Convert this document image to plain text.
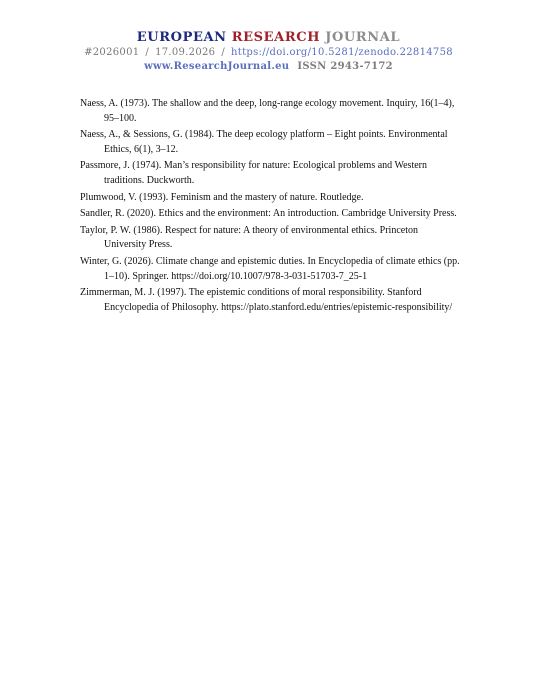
EUROPEAN RESEARCH JOURNAL
#2026001 / 17.09.2026 / https://doi.org/10.5281/zenodo.22814758
www.ResearchJournal.eu ISSN 2943-7172
Naess, A. (1973). The shallow and the deep, long-range ecology movement. Inquiry, 16(1–4), 95–100.
Naess, A., & Sessions, G. (1984). The deep ecology platform – Eight points. Environmental Ethics, 6(1), 3–12.
Passmore, J. (1974). Man’s responsibility for nature: Ecological problems and Western traditions. Duckworth.
Plumwood, V. (1993). Feminism and the mastery of nature. Routledge.
Sandler, R. (2020). Ethics and the environment: An introduction. Cambridge University Press.
Taylor, P. W. (1986). Respect for nature: A theory of environmental ethics. Princeton University Press.
Winter, G. (2026). Climate change and epistemic duties. In Encyclopedia of climate ethics (pp. 1–10). Springer. https://doi.org/10.1007/978-3-031-51703-7_25-1
Zimmerman, M. J. (1997). The epistemic conditions of moral responsibility. Stanford Encyclopedia of Philosophy. https://plato.stanford.edu/entries/epistemic-responsibility/
